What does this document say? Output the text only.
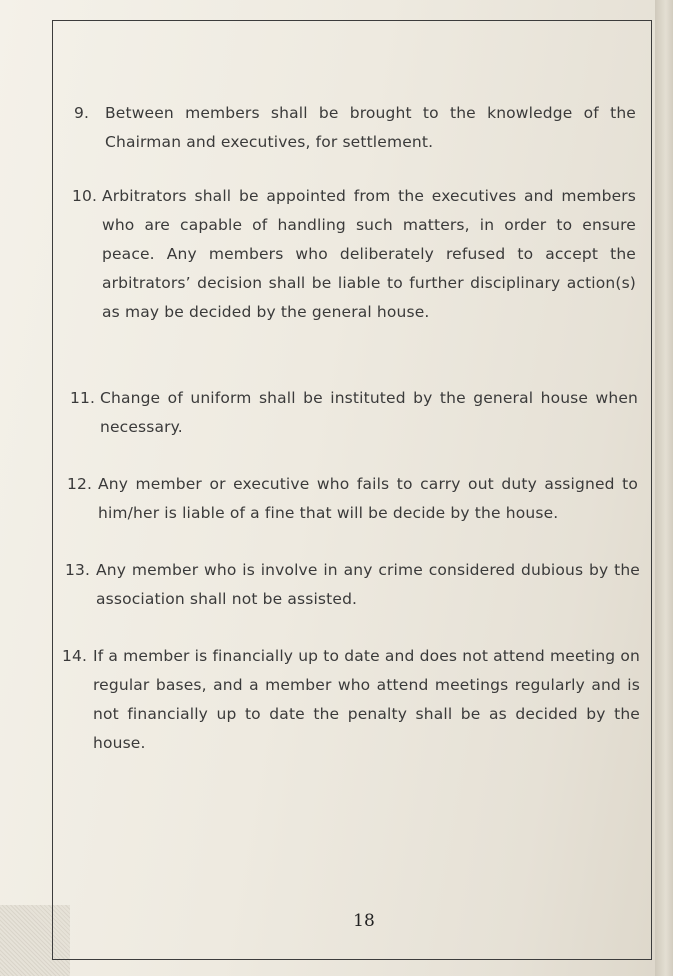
9. Between members shall be brought to the knowledge of the Chairman and executives, for settlement.
10. Arbitrators shall be appointed from the executives and members who are capable of handling such matters, in order to ensure peace. Any members who deliberately refused to accept the arbitrators’ decision shall be liable to further disciplinary action(s) as may be decided by the general house.
11. Change of uniform shall be instituted by the general house when necessary.
12. Any member or executive who fails to carry out duty assigned to him/her is liable of a fine that will be decide by the house.
13. Any member who is involve in any crime considered dubious by the association shall not be assisted.
14. If a member is financially up to date and does not attend meeting on regular bases, and a member who attend meetings regularly and is not financially up to date the penalty shall be as decided by the house.
18
